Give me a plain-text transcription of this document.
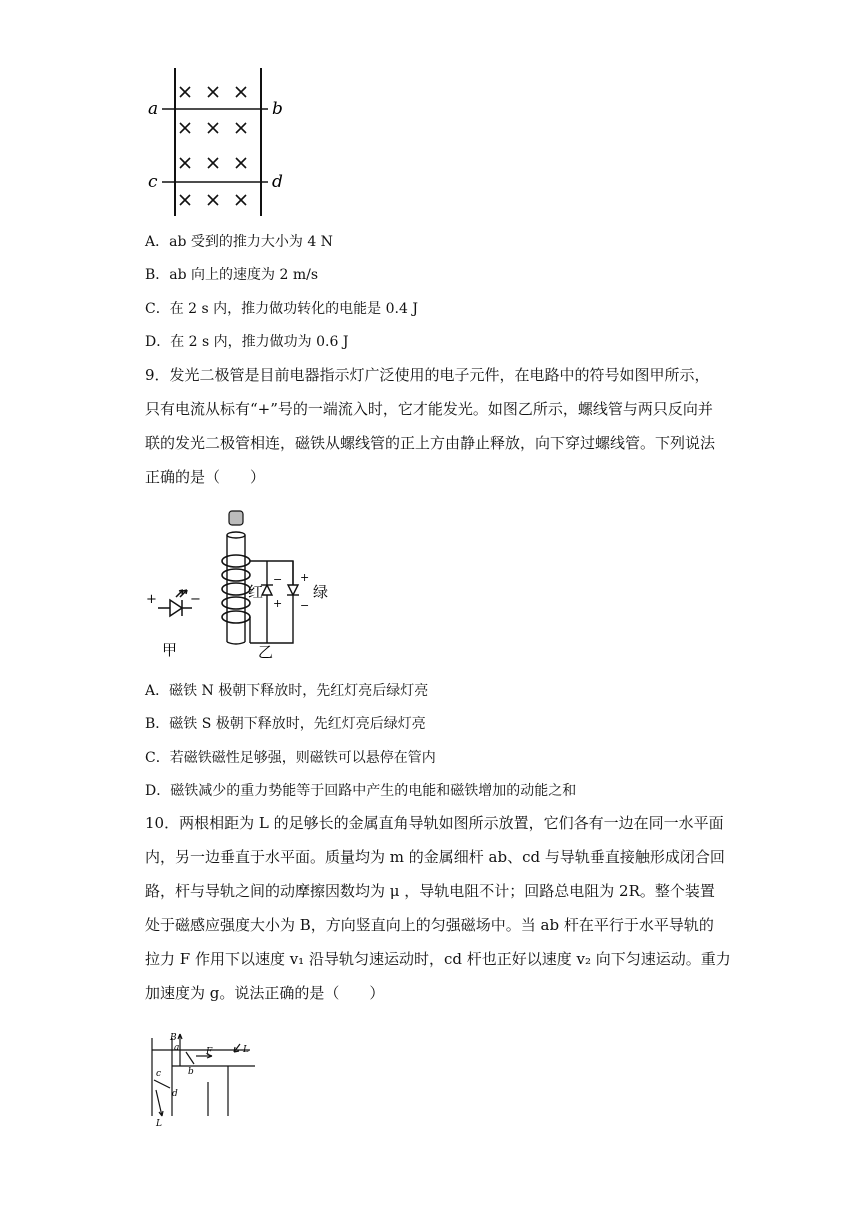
a	b
c	d
A．ab 受到的推力大小为 4 N
B．ab 向上的速度为 2 m/s
C．在 2 s 内，推力做功转化的电能是 0.4 J
D．在 2 s 内，推力做功为 0.6 J
9．发光二极管是目前电器指示灯广泛使用的电子元件，在电路中的符号如图甲所示，
只有电流从标有“+”号的一端流入时，它才能发光。如图乙所示，螺线管与两只反向并
联的发光二极管相连，磁铁从螺线管的正上方由静止释放，向下穿过螺线管。下列说法
正确的是（　　）
+	−
甲
红	绿
+
− +
−
乙
A．磁铁 N 极朝下释放时，先红灯亮后绿灯亮
B．磁铁 S 极朝下释放时，先红灯亮后绿灯亮
C．若磁铁磁性足够强，则磁铁可以悬停在管内
D．磁铁减少的重力势能等于回路中产生的电能和磁铁增加的动能之和
10．两根相距为 L 的足够长的金属直角导轨如图所示放置，它们各有一边在同一水平面
内，另一边垂直于水平面。质量均为 m 的金属细杆 ab、cd 与导轨垂直接触形成闭合回
路，杆与导轨之间的动摩擦因数均为 μ ，导轨电阻不计；回路总电阻为 2R。整个装置
处于磁感应强度大小为 B，方向竖直向上的匀强磁场中。当 ab 杆在平行于水平导轨的
拉力 F 作用下以速度 v₁ 沿导轨匀速运动时，cd 杆也正好以速度 v₂ 向下匀速运动。重力
加速度为 g。说法正确的是（　　）
B
a
b
F	L
c
d
L
